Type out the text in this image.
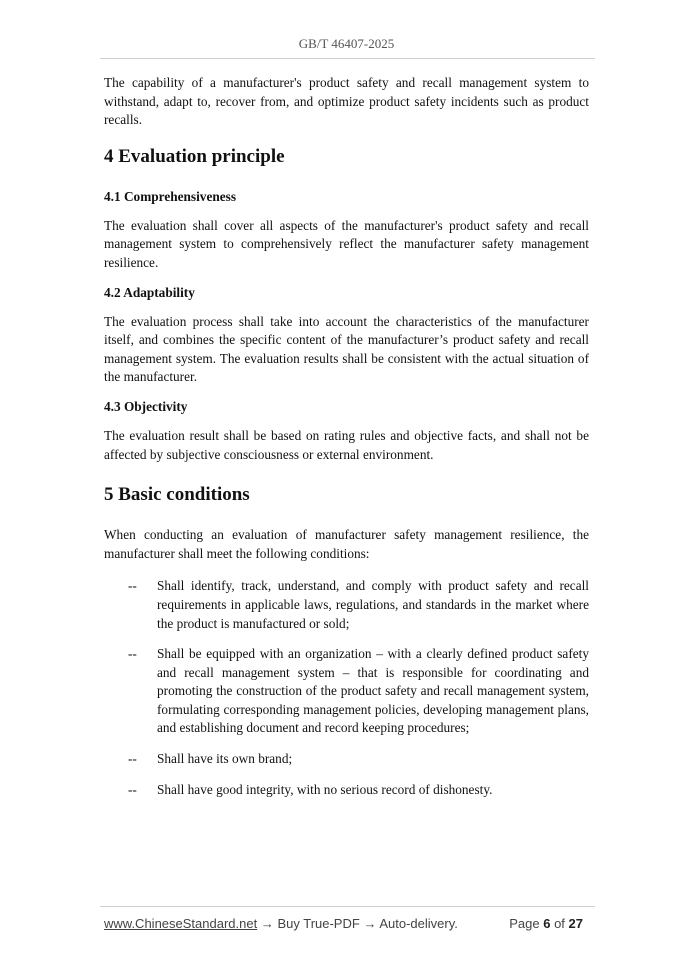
GB/T 46407-2025

The capability of a manufacturer's product safety and recall management system to withstand, adapt to, recover from, and optimize product safety incidents such as product recalls.

4 Evaluation principle
4.1 Comprehensiveness

The evaluation shall cover all aspects of the manufacturer's product safety and recall management system to comprehensively reflect the manufacturer safety management resilience.

4.2 Adaptability

The evaluation process shall take into account the characteristics of the manufacturer itself, and combines the specific content of the manufacturer’s product safety and recall management system. The evaluation results shall be consistent with the actual situation of the manufacturer.

4.3 Objectivity

The evaluation result shall be based on rating rules and objective facts, and shall not be affected by subjective consciousness or external environment.

5 Basic conditions

When conducting an evaluation of manufacturer safety management resilience, the manufacturer shall meet the following conditions:

--	Shall identify, track, understand, and comply with product safety and recall requirements in applicable laws, regulations, and standards in the market where the product is manufactured or sold;
--	Shall be equipped with an organization – with a clearly defined product safety and recall management system – that is responsible for coordinating and promoting the construction of the product safety and recall management system, formulating corresponding management policies, developing management plans, and establishing document and record keeping procedures;
--	Shall have its own brand;
--	Shall have good integrity, with no serious record of dishonesty.
www.ChineseStandard.net → Buy True-PDF → Auto-delivery.	Page 6 of 27
